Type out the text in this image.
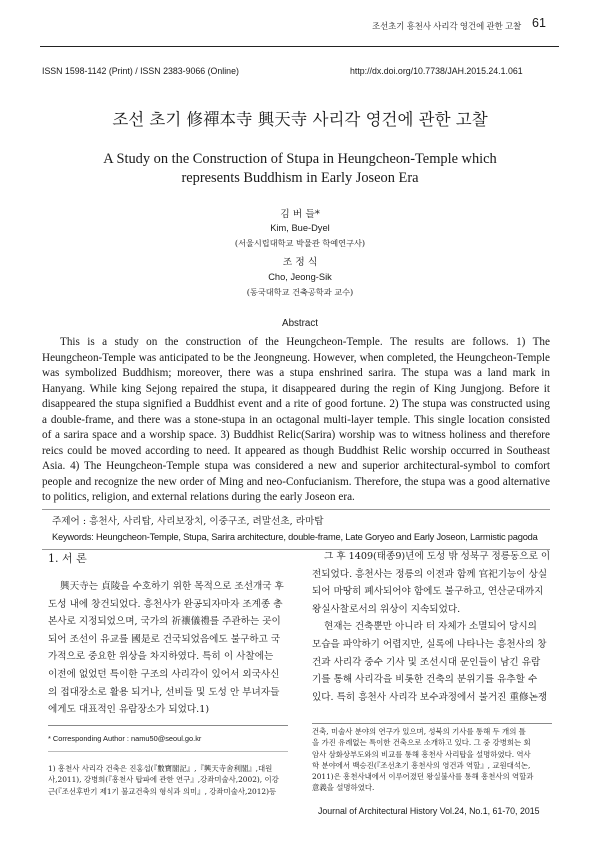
조선초기 흥천사 사리각 영건에 관한 고찰 61
ISSN 1598-1142 (Print) / ISSN 2383-9066 (Online)	http://dx.doi.org/10.7738/JAH.2015.24.1.061
조선 초기 修禪本寺 興天寺 사리각 영건에 관한 고찰
A Study on the Construction of Stupa in Heungcheon-Temple which
represents Buddhism in Early Joseon Era
김 버 들*
Kim, Bue-Dyel
(서울시립대학교 박물관 학예연구사)
조 정 식
Cho, Jeong-Sik
(동국대학교 건축공학과 교수)
Abstract
This is a study on the construction of the Heungcheon-Temple. The results are follows. 1) The
Heungcheon-Temple was anticipated to be the Jeongneung. However, when completed, the Heungcheon-Temple
was symbolized Buddhism; moreover, there was a stupa enshrined sarira. The stupa was a land mark in
Hanyang. While king Sejong repaired the stupa, it disappeared during the regin of King Jungjong. Before it
disappeared the stupa signified a Buddhist event and a rite of good fortune. 2) The stupa was constructed using
a double-frame, and there was a stone-stupa in an octagonal multi-layer temple. This single location consisted
of a sarira space and a worship space. 3) Buddhist Relic(Sarira) worship was to witness holiness and therefore
reics could be moved according to need. It appeared as though Buddhist Relic worship occurred in Southeast
Asia. 4) The Heungcheon-Temple stupa was considered a new and superior architectural-symbol to comfort
people and recognize the new order of Ming and neo-Confucianism. Therefore, the stupa was a good alternative
to politics, religion, and external relations during the early Joseon era.
주제어 : 흥천사, 사리탑, 사리보장치, 이중구조, 려말선초, 라마탑
Keywords: Heungcheon-Temple, Stupa, Sarira architecture, double-frame, Late Goryeo and Early Joseon, Larmistic pagoda
1. 서 론
興天寺는 貞陵을 수호하기 위한 목적으로 조선개국 후
도성 내에 창건되었다. 흥천사가 완공되자마자 조계종 총
본사로 지정되었으며, 국가의 祈禳儀禮를 주관하는 곳이
되어 조선이 유교를 國是로 건국되었음에도 불구하고 국
가적으로 중요한 위상을 차지하였다. 특히 이 사찰에는
이전에 없었던 특이한 구조의 사리각이 있어서 외국사신
의 접대장소로 활용 되거나, 선비들 및 도성 안 부녀자들
에게도 대표적인 유람장소가 되었다.1)
* Corresponding Author : namu50@seoul.go.kr
1) 흥천사 사리각 건축은 진홍섭(『數寶閣記』,『興天寺舍利閣』,대원
사,2011), 강병희(『흥천사 탑파에 관한 연구』,강좌미술사,2002), 이강
근(『조선후반기 제1기 불교건축의 형식과 의미』, 강좌미술사,2012)등
그 후 1409(태종9)년에 도성 밖 성북구 정릉동으로 이
전되었다. 흥천사는 정릉의 이전과 함께 官祀기능이 상실
되어 마땅히 폐사되어야 함에도 불구하고, 연산군대까지
왕실사찰로서의 위상이 지속되었다.
현재는 건축뿐만 아니라 터 자체가 소멸되어 당시의
모습을 파악하기 어렵지만, 실록에 나타나는 흥천사의 창
건과 사리각 중수 기사 및 조선시대 문인들이 남긴 유람
기를 통해 사리각을 비롯한 건축의 분위기를 유추할 수
있다. 특히 흥천사 사리각 보수과정에서 불거진 重修논쟁
건축, 미술사 분야의 연구가 있으며, 성북의 기사를 통해 두 개의 틀
을 가진 유례없는 특이한 건축으로 소개하고 있다. 그 중 강병희는 회
암사 삼화상부도와의 비교를 통해 흥천사 사리탑을 설명하였다. 역사
학 분야에서 백승진(『조선초기 흥천사의 영건과 역할』, 교원대석논,
2011)은 흥천사내에서 이루어졌던 왕실불사를 통해 흥천사의 역할과
意義을 설명하였다.
Journal of Architectural History Vol.24, No.1, 61-70, 2015
